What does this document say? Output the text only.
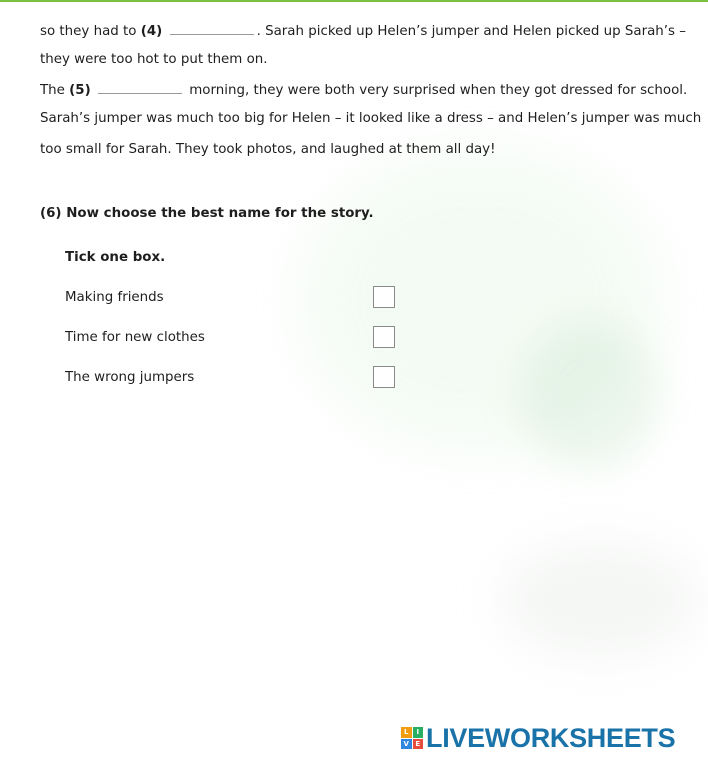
so they had to (4)	. Sarah picked up Helen’s jumper and Helen picked up Sarah’s –
they were too hot to put them on.
The (5)	morning, they were both very surprised when they got dressed for school.
Sarah’s jumper was much too big for Helen – it looked like a dress – and Helen’s jumper was much
too small for Sarah. They took photos, and laughed at them all day!
(6) Now choose the best name for the story.
Tick one box.
Making friends
Time for new clothes
The wrong jumpers
L	I
V E LIVEWORKSHEETS
